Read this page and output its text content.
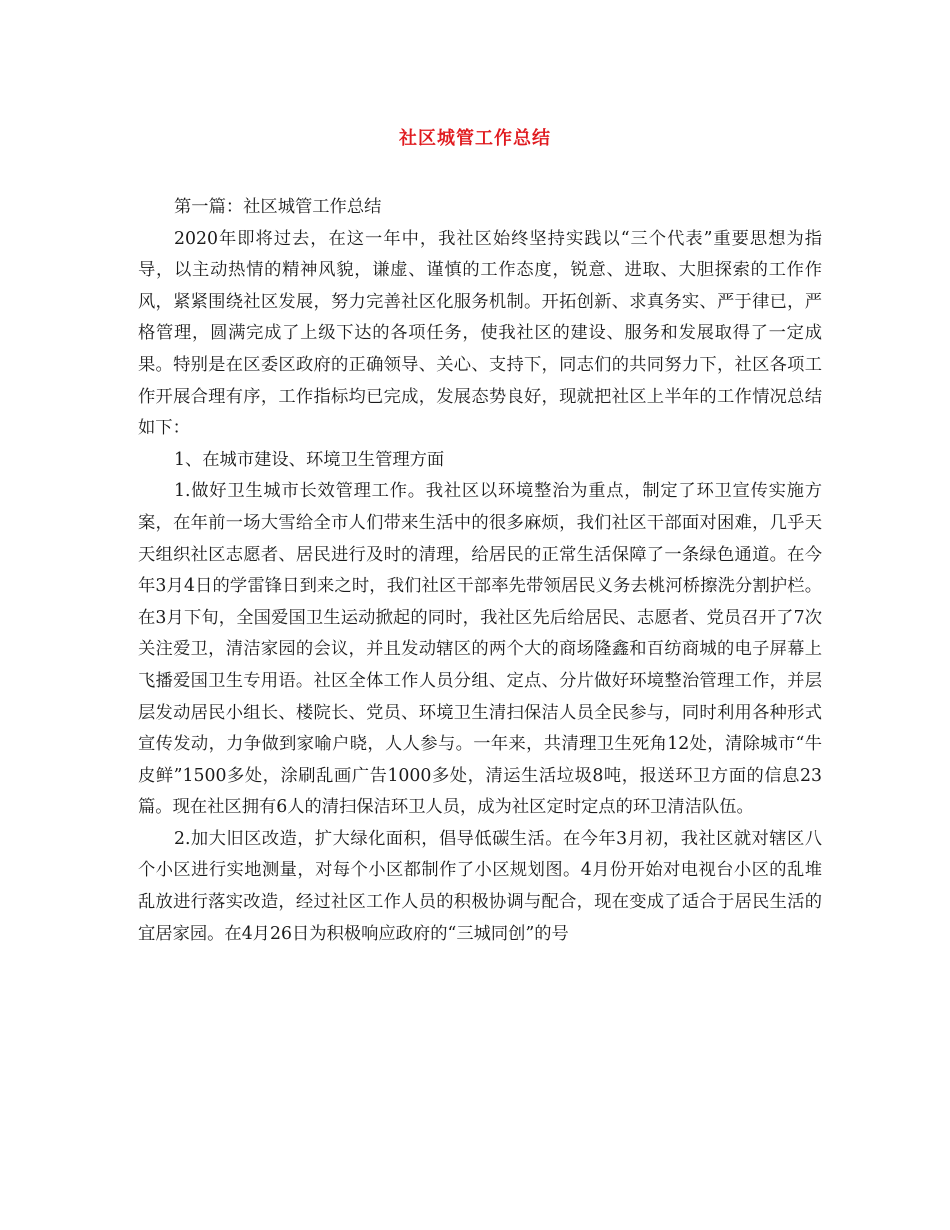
社区城管工作总结

第一篇：社区城管工作总结

2020年即将过去，在这一年中，我社区始终坚持实践以“三个代表”重要思想为指导，以主动热情的精神风貌，谦虚、谨慎的工作态度，锐意、进取、大胆探索的工作作风，紧紧围绕社区发展，努力完善社区化服务机制。开拓创新、求真务实、严于律已，严格管理，圆满完成了上级下达的各项任务，使我社区的建设、服务和发展取得了一定成果。特别是在区委区政府的正确领导、关心、支持下，同志们的共同努力下，社区各项工作开展合理有序，工作指标均已完成，发展态势良好，现就把社区上半年的工作情况总结如下：

1、在城市建设、环境卫生管理方面

1.做好卫生城市长效管理工作。我社区以环境整治为重点，制定了环卫宣传实施方案，在年前一场大雪给全市人们带来生活中的很多麻烦，我们社区干部面对困难，几乎天天组织社区志愿者、居民进行及时的清理，给居民的正常生活保障了一条绿色通道。在今年3月4日的学雷锋日到来之时，我们社区干部率先带领居民义务去桃河桥擦洗分割护栏。在3月下旬，全国爱国卫生运动掀起的同时，我社区先后给居民、志愿者、党员召开了7次关注爱卫，清洁家园的会议，并且发动辖区的两个大的商场隆鑫和百纺商城的电子屏幕上飞播爱国卫生专用语。社区全体工作人员分组、定点、分片做好环境整治管理工作，并层层发动居民小组长、楼院长、党员、环境卫生清扫保洁人员全民参与，同时利用各种形式宣传发动，力争做到家喻户晓，人人参与。一年来，共清理卫生死角12处，清除城市“牛皮鲜”1500多处，涂刷乱画广告1000多处，清运生活垃圾8吨，报送环卫方面的信息23 篇。现在社区拥有6人的清扫保洁环卫人员，成为社区定时定点的环卫清洁队伍。

2.加大旧区改造，扩大绿化面积，倡导低碳生活。在今年3月初，我社区就对辖区八个小区进行实地测量，对每个小区都制作了小区规划图。4月份开始对电视台小区的乱堆乱放进行落实改造，经过社区工作人员的积极协调与配合，现在变成了适合于居民生活的宜居家园。在4月26日为积极响应政府的“三城同创”的号
